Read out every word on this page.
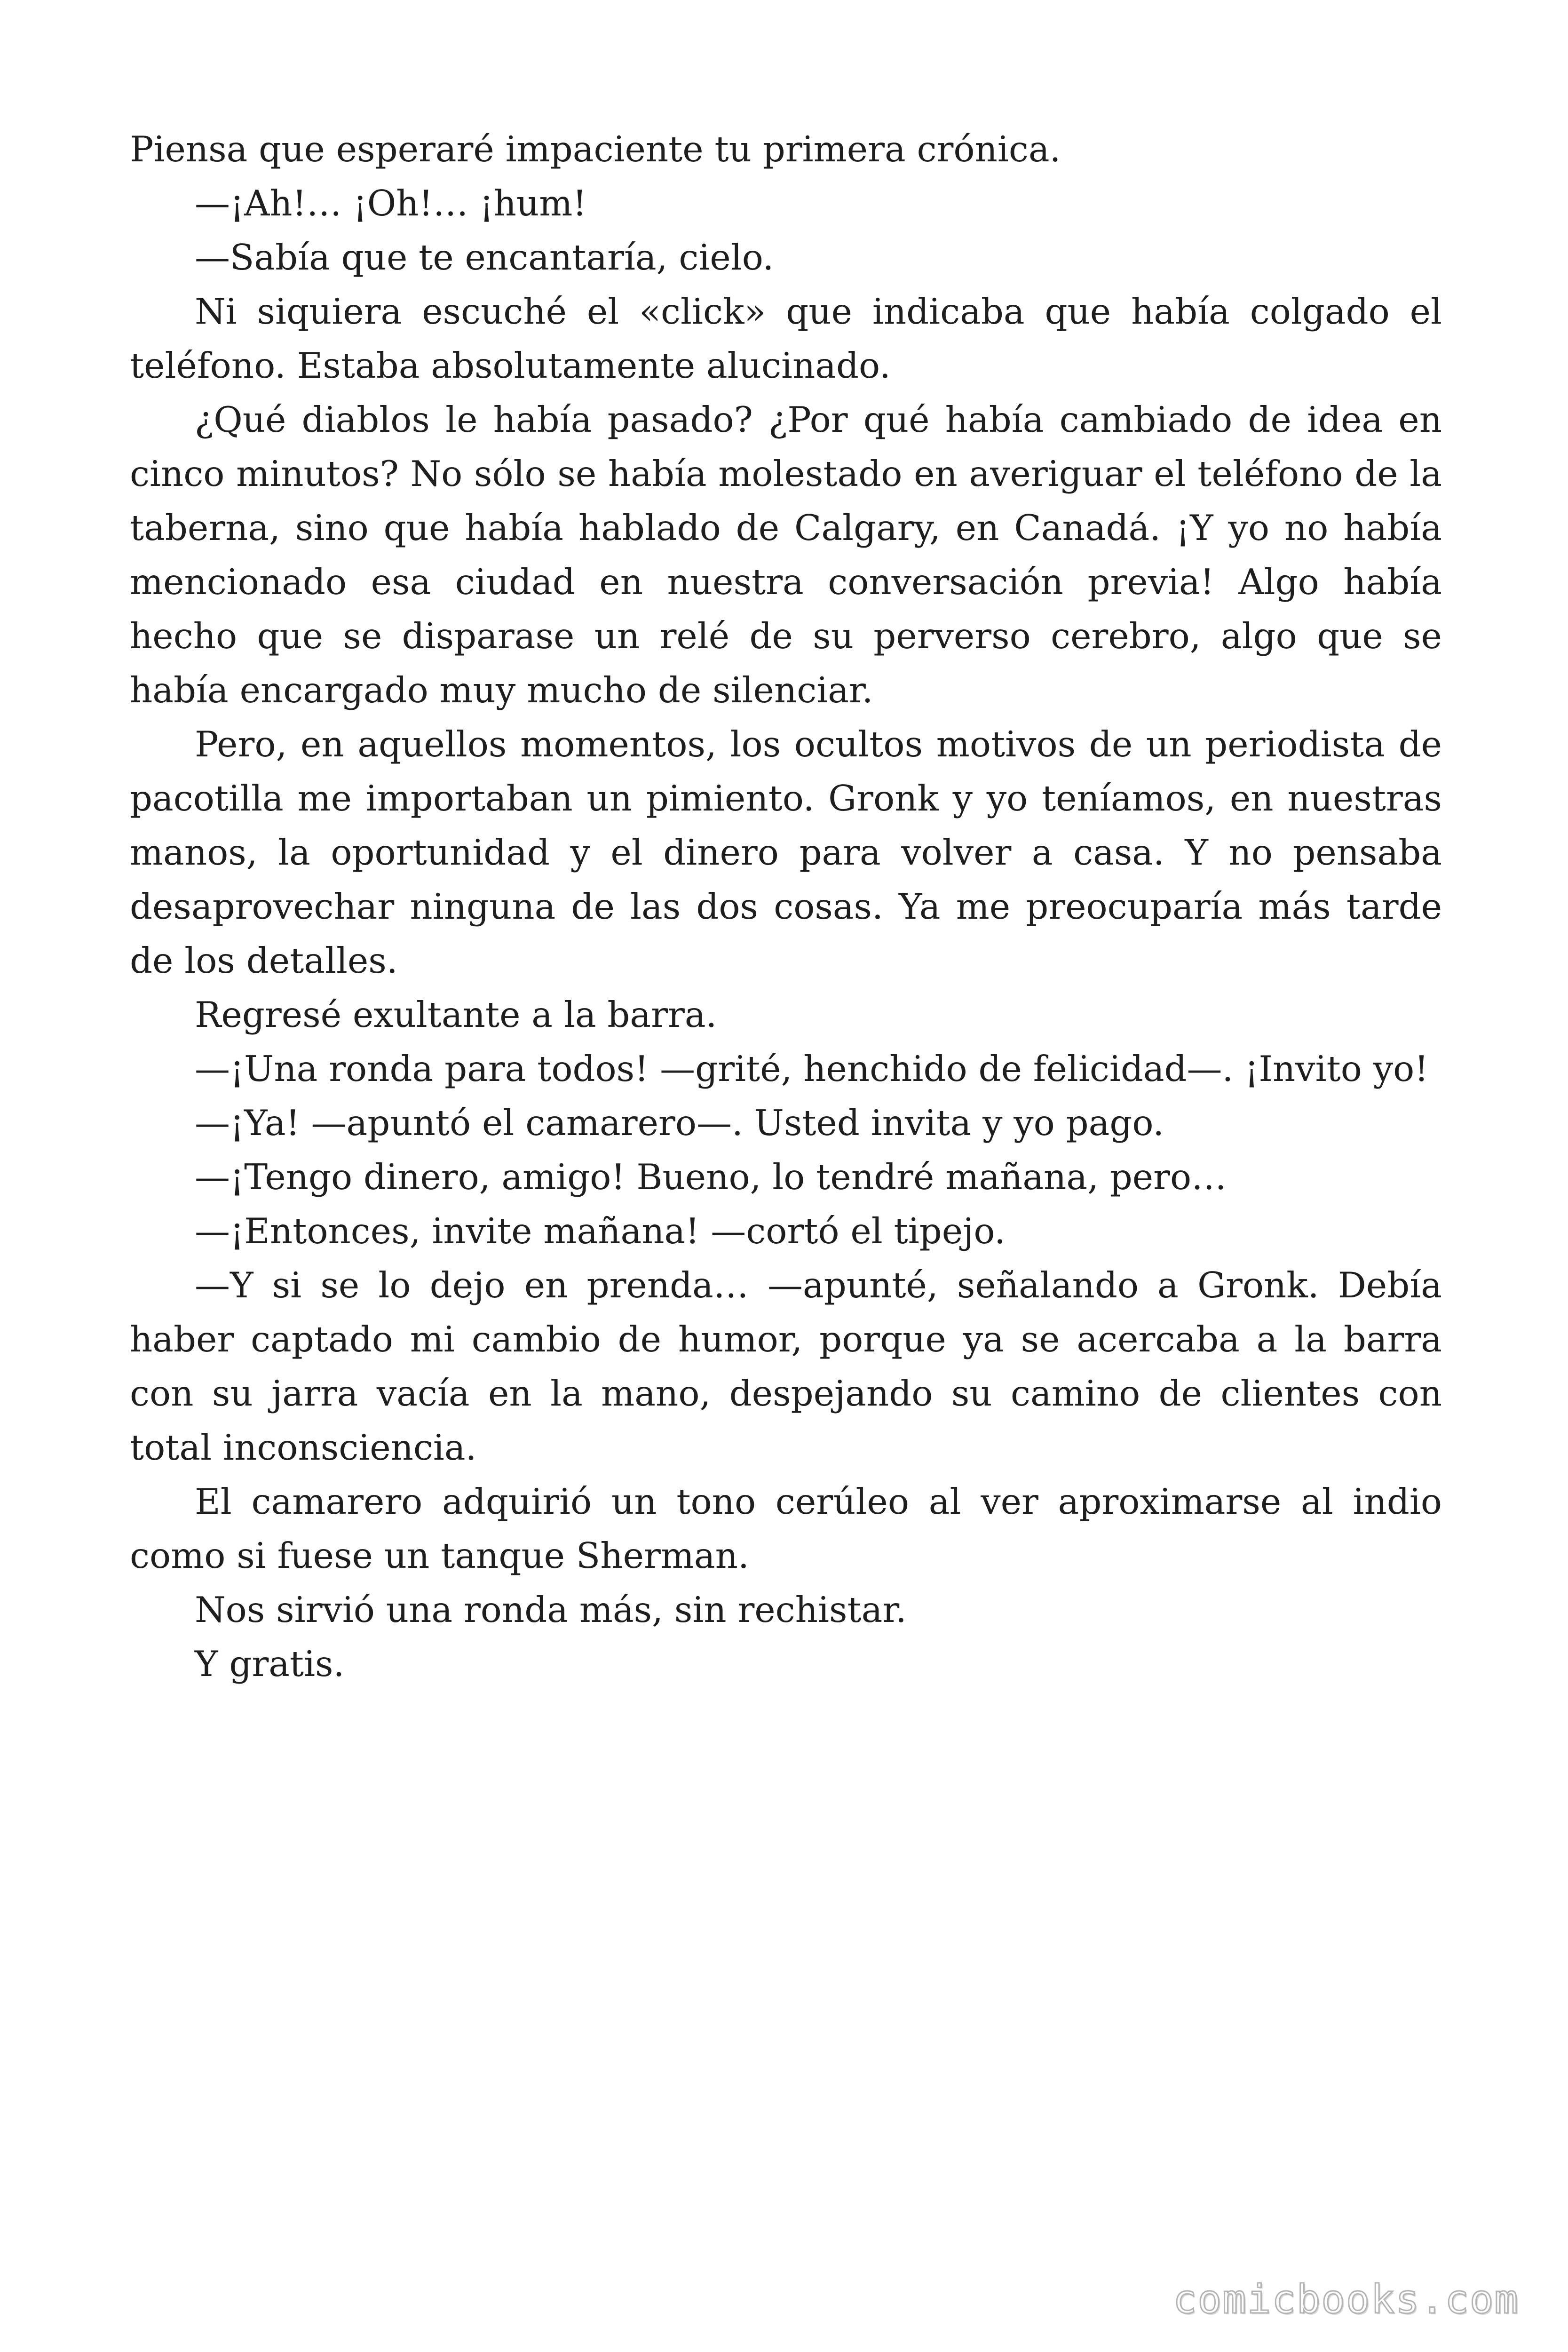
Piensa que esperaré impaciente tu primera crónica.

—¡Ah!… ¡Oh!… ¡hum!

—Sabía que te encantaría, cielo.

Ni siquiera escuché el «click» que indicaba que había colgado el teléfono. Estaba absolutamente alucinado.

¿Qué diablos le había pasado? ¿Por qué había cambiado de idea en cinco minutos? No sólo se había molestado en averiguar el teléfono de la taberna, sino que había hablado de Calgary, en Canadá. ¡Y yo no había mencionado esa ciudad en nuestra conversación previa! Algo había hecho que se disparase un relé de su perverso cerebro, algo que se había encargado muy mucho de silenciar.

Pero, en aquellos momentos, los ocultos motivos de un periodista de pacotilla me importaban un pimiento. Gronk y yo teníamos, en nuestras manos, la oportunidad y el dinero para volver a casa. Y no pensaba desaprovechar ninguna de las dos cosas. Ya me preocuparía más tarde de los detalles.

Regresé exultante a la barra.

—¡Una ronda para todos! —grité, henchido de felicidad—. ¡Invito yo!

—¡Ya! —apuntó el camarero—. Usted invita y yo pago.

—¡Tengo dinero, amigo! Bueno, lo tendré mañana, pero…

—¡Entonces, invite mañana! —cortó el tipejo.

—Y si se lo dejo en prenda… —apunté, señalando a Gronk. Debía haber captado mi cambio de humor, porque ya se acercaba a la barra con su jarra vacía en la mano, despejando su camino de clientes con total inconsciencia.

El camarero adquirió un tono cerúleo al ver aproximarse al indio como si fuese un tanque Sherman.

Nos sirvió una ronda más, sin rechistar.

Y gratis.

comicbooks.com
